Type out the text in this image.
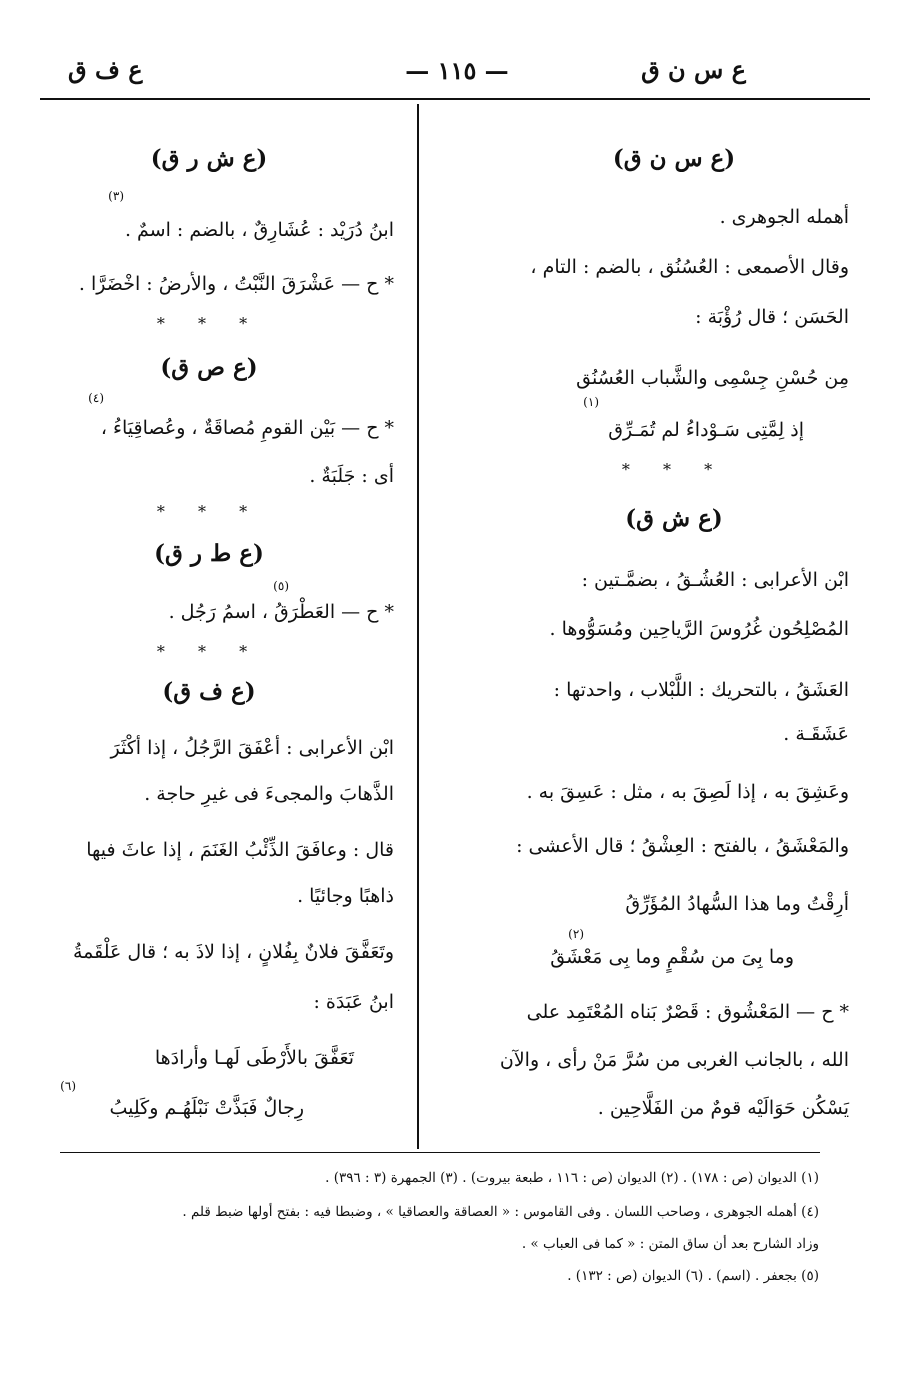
ع س ن ق
— ١١٥ —
ع ف ق
(ع س ن ق)
أهمله الجوهرى .
وقال الأصمعى : العُسُنُق ، بالضم : التام ،
الحَسَن ؛ قال رُؤْبَة :
مِن حُسْنِ جِسْمِى والشَّباب العُسُنُق
إذ لِمَّتِى سَـوْداءُ لم تُمَـرِّق
(١)
* * *
(ع ش ق)
ابْن الأعرابى : العُشُـقُ ، بضمَّـتين :
المُصْلِحُون غُرُوسَ الرَّياحِين ومُسَوُّوها .
العَشَقُ ، بالتحريك : اللَّبْلاب ، واحدتها :
عَشَقَـة .
وعَشِقَ به ، إذا لَصِقَ به ، مثل : عَسِقَ به .
والمَعْشَقُ ، بالفتح : العِشْقُ ؛ قال الأعشى :
أرِقْتُ وما هذا السُّهادُ المُؤَرِّقُ
وما بِىَ من سُقْمٍ وما بِى مَعْشَقُ
(٢)
* ح — المَعْشُوق : قَصْرٌ بَناه المُعْتَمِد على
الله ، بالجانب الغربى من سُرَّ مَنْ رأى ، والآن
يَسْكُن حَوَالَيْه قومٌ من الفَلَّاحِين .
(ع ش ر ق)
ابنُ دُرَيْد : عُشَارِقٌ ، بالضم : اسمٌ .
(٣)
* ح — عَشْرَقَ النَّبْتُ ، والأرضُ : اخْضَرَّا .
* * *
(ع ص ق)
* ح — بَيْن القومِ مُصاقَةٌ ، وعُصاقِيَاءُ ،
(٤)
أى : جَلَبَةٌ .
* * *
(ع ط ر ق)
* ح — العَطْرَقُ ، اسمُ رَجُل .
(٥)
* * *
(ع ف ق)
ابْن الأعرابى : أعْفَقَ الرَّجُلُ ، إذا أكْثَرَ
الذَّهابَ والمجىءَ فى غيرِ حاجة .
قال : وعافَقَ الذِّئْبُ الغَنَمَ ، إذا عاثَ فيها
ذاهبًا وجائيًا .
وتَعَفَّقَ فلانٌ بِفُلانٍ ، إذا لاذَ به ؛ قال عَلْقَمةُ
ابنُ عَبَدَة :
تَعَفَّقَ بالأَرْطَى لَهـا وأرادَها
رِجالٌ فَبَذَّتْ نَبْلَهُـم وكَلِيبُ
(٦)
(١) الديوان (ص : ١٧٨) . (٢) الديوان (ص : ١١٦ ، طبعة بيروت) . (٣) الجمهرة (٣ : ٣٩٦) .
(٤) أهمله الجوهرى ، وصاحب اللسان . وفى القاموس : « العصاقة والعصاقيا » ، وضبطا فيه : بفتح أولها ضبط قلم .
وزاد الشارح بعد أن ساق المتن : « كما فى العباب » .
(٥) بجعفر . (اسم) . (٦) الديوان (ص : ١٣٢) .
